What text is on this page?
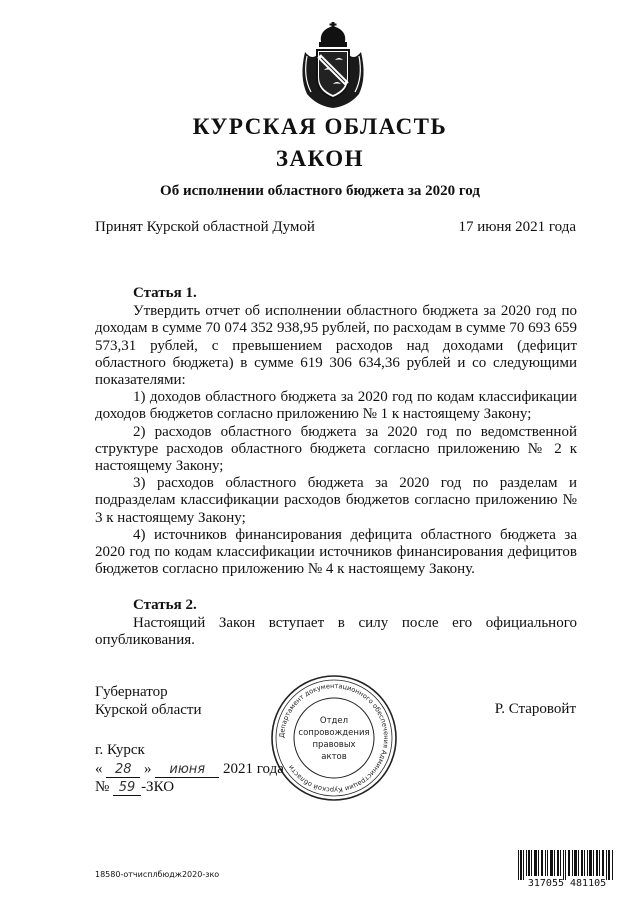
КУРСКАЯ ОБЛАСТЬ
ЗАКОН
Об исполнении областного бюджета за 2020 год
Принят Курской областной Думой	17 июня 2021 года
Статья 1.

Утвердить отчет об исполнении областного бюджета за 2020 год по доходам в сумме 70 074 352 938,95 рублей, по расходам в сумме 70 693 659 573,31 рублей, с превышением расходов над доходами (дефицит областного бюджета) в сумме 619 306 634,36 рублей и со следующими показателями:

1) доходов областного бюджета за 2020 год по кодам классификации доходов бюджетов согласно приложению № 1 к настоящему Закону;

2) расходов областного бюджета за 2020 год по ведомственной структуре расходов областного бюджета согласно приложению № 2 к настоящему Закону;

3) расходов областного бюджета за 2020 год по разделам и подразделам классификации расходов бюджетов согласно приложению № 3 к настоящему Закону;

4) источников финансирования дефицита областного бюджета за 2020 год по кодам классификации источников финансирования дефицитов бюджетов согласно приложению № 4 к настоящему Закону.

Статья 2.

Настоящий Закон вступает в силу после его официального опубликования.

Губернатор
Курской области	Р. Старовойт
Департамент документационного обеспечения Администрации Курской области
Отдел
сопровождения
правовых
актов
г. Курск
« 28 » июня 2021 года
№ 59 -ЗКО
18580-отчисплбюдж2020-зко
317055 481105
